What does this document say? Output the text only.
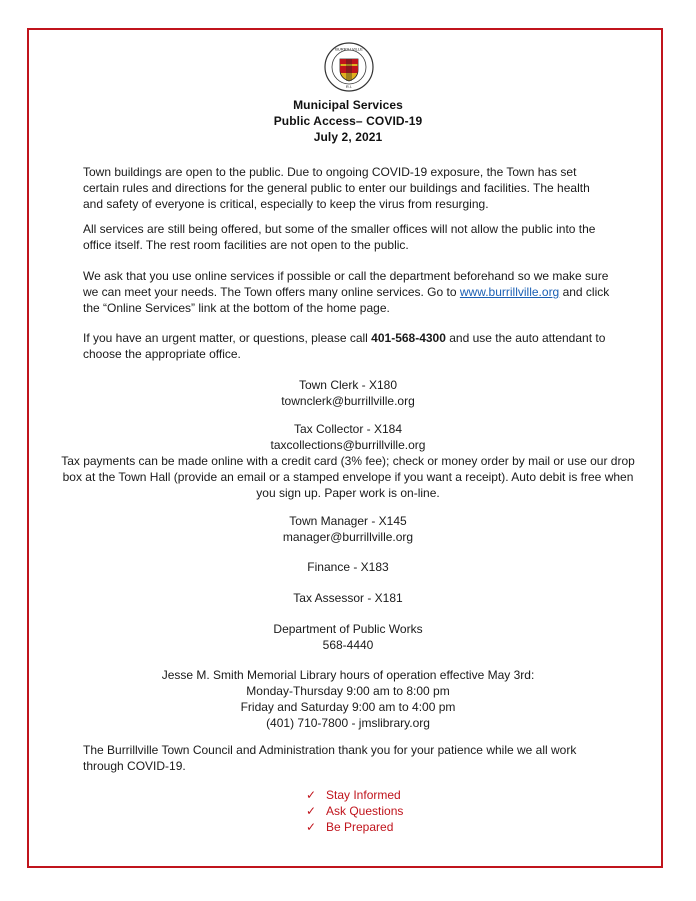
BURRILLVILLE
R.I.
Municipal Services
Public Access– COVID-19
July 2, 2021
Town buildings are open to the public. Due to ongoing COVID-19 exposure, the Town has set certain rules and directions for the general public to enter our buildings and facilities. The health and safety of everyone is critical, especially to keep the virus from resurging.
All services are still being offered, but some of the smaller offices will not allow the public into the office itself. The rest room facilities are not open to the public.
We ask that you use online services if possible or call the department beforehand so we make sure we can meet your needs. The Town offers many online services. Go to www.burrillville.org and click the “Online Services” link at the bottom of the home page.
If you have an urgent matter, or questions, please call 401-568-4300 and use the auto attendant to choose the appropriate office.
Town Clerk - X180
townclerk@burrillville.org
Tax Collector - X184
taxcollections@burrillville.org
Tax payments can be made online with a credit card (3% fee); check or money order by mail or use our drop box at the Town Hall (provide an email or a stamped envelope if you want a receipt). Auto debit is free when you sign up. Paper work is on-line.
Town Manager - X145
manager@burrillville.org
Finance - X183
Tax Assessor - X181
Department of Public Works
568-4440
Jesse M. Smith Memorial Library hours of operation effective May 3rd:
Monday-Thursday 9:00 am to 8:00 pm
Friday and Saturday 9:00 am to 4:00 pm
(401) 710-7800 - jmslibrary.org
The Burrillville Town Council and Administration thank you for your patience while we all work through COVID-19.
✓ Stay Informed
✓ Ask Questions
✓ Be Prepared
